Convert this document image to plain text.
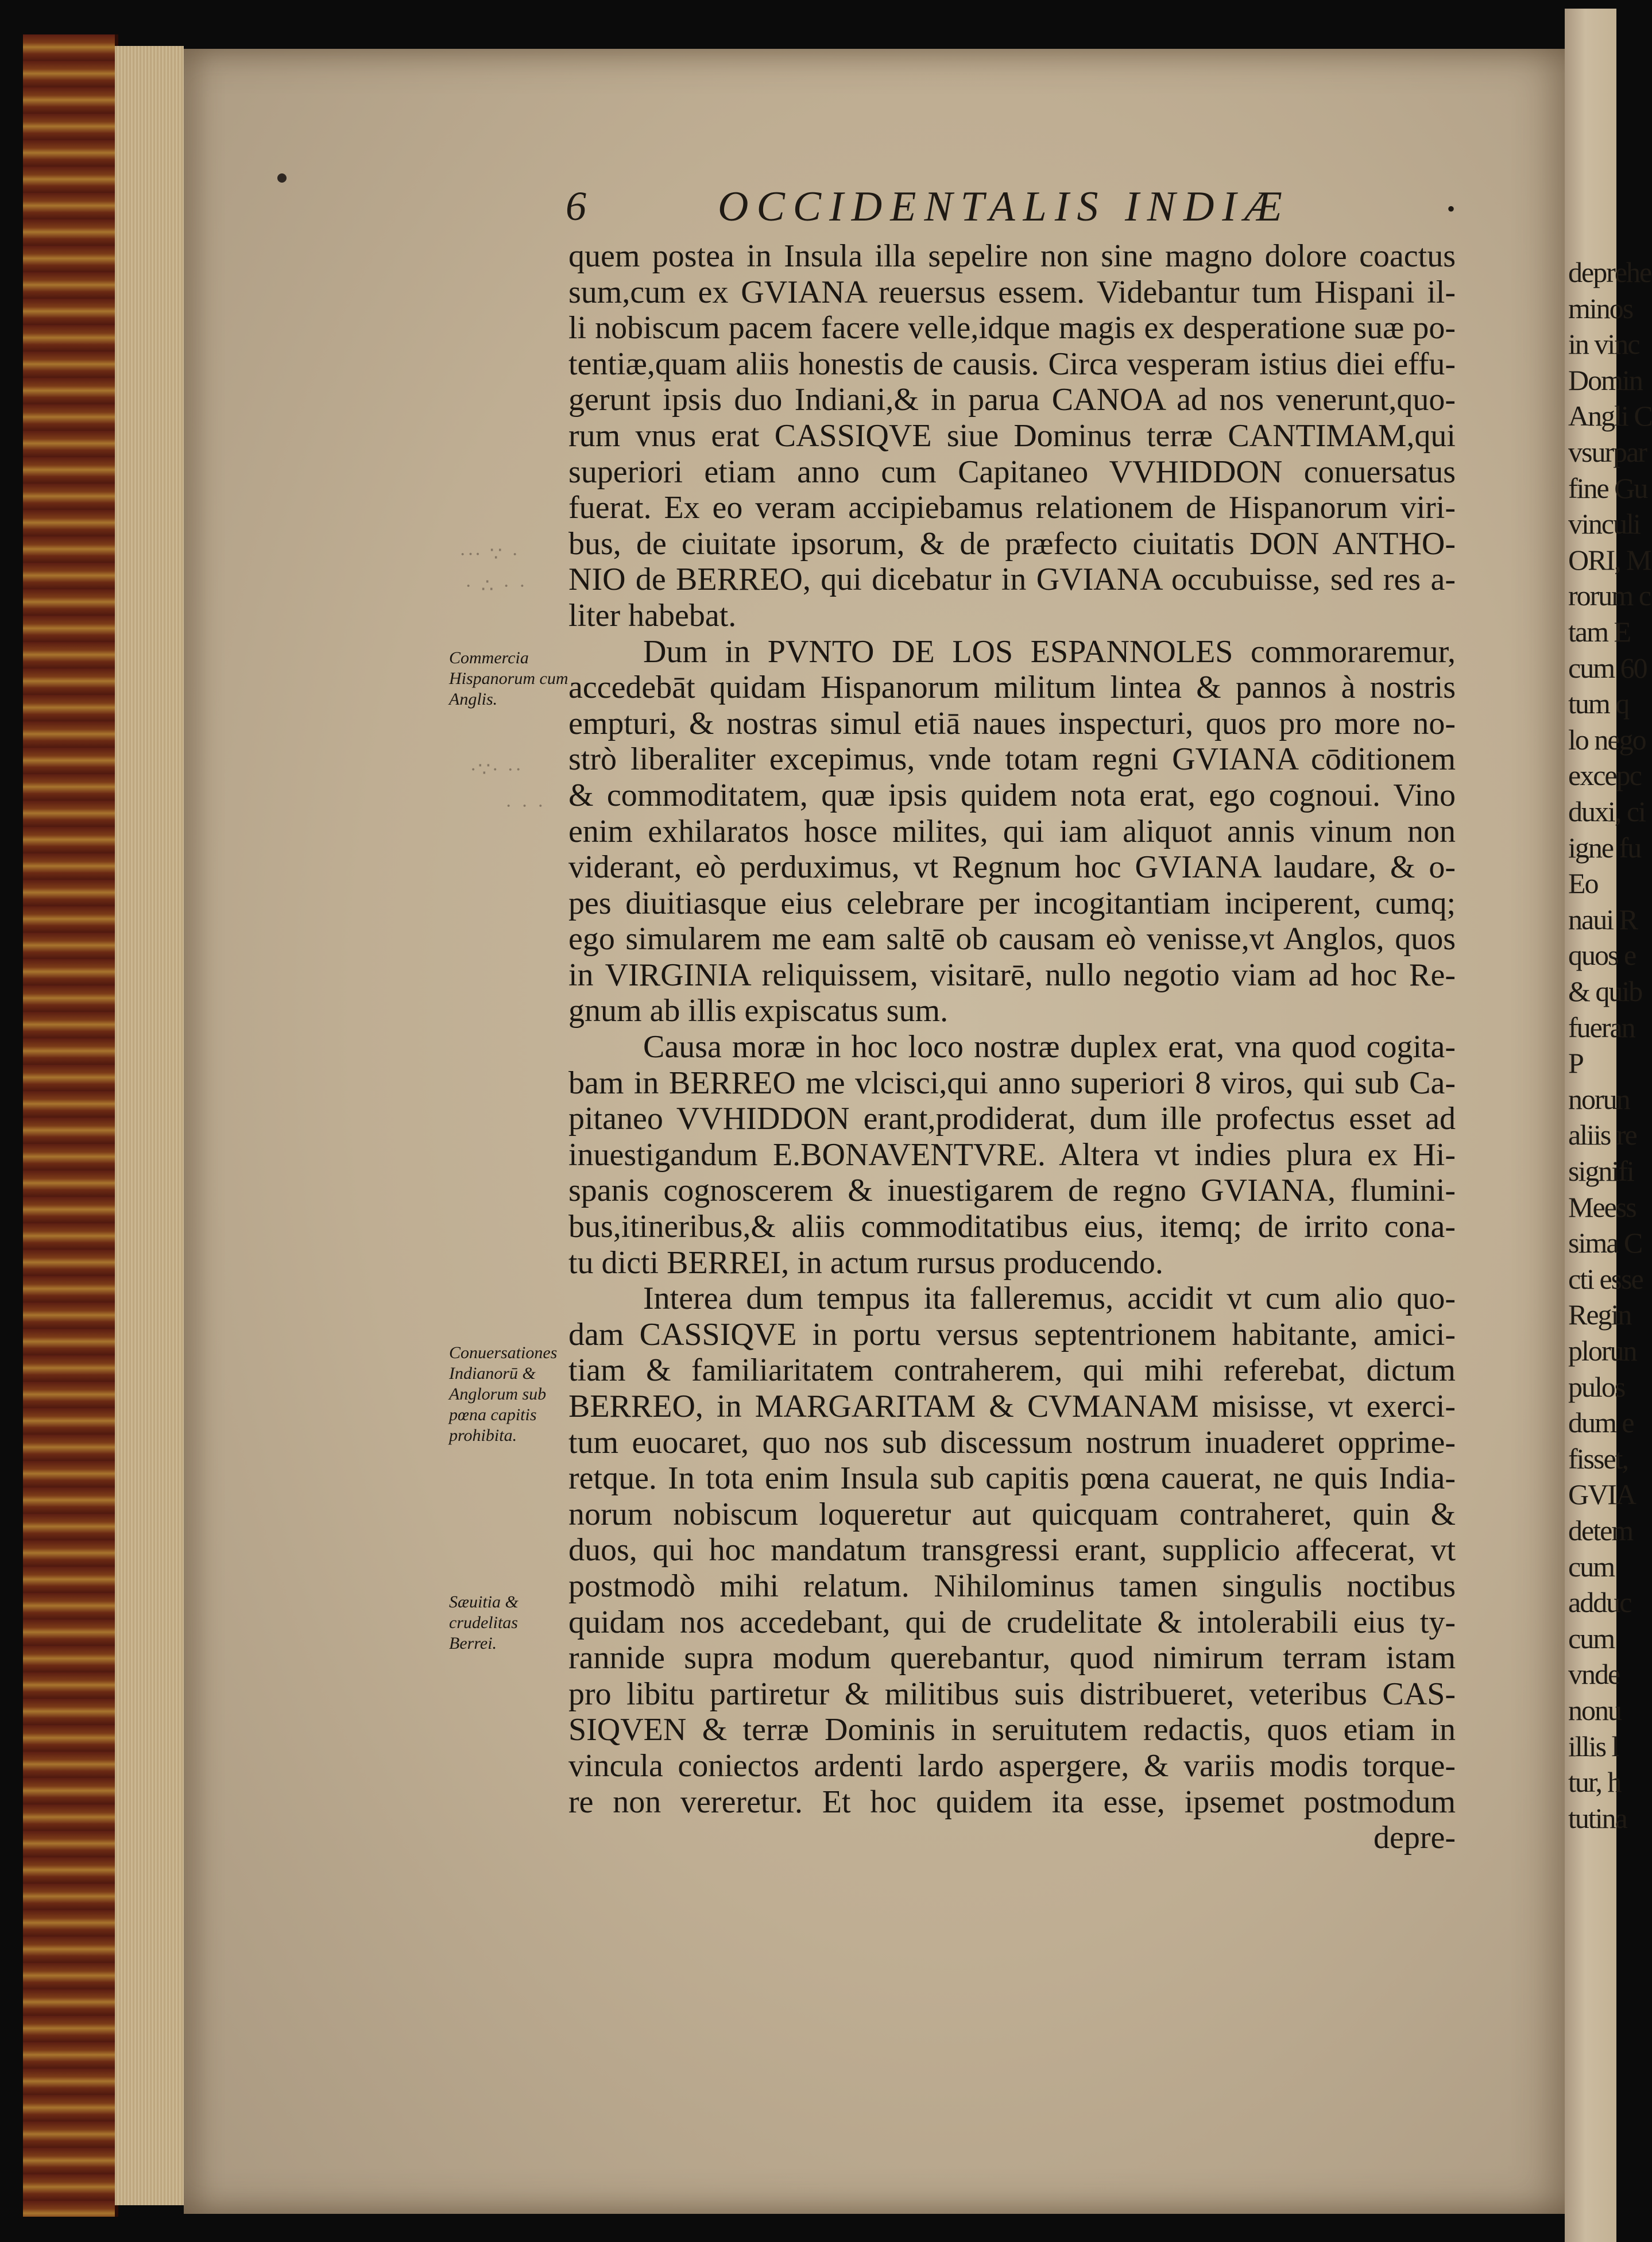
deprehe
minos
in vinc
Domin
Angli C
vsurpar
fine Gu
vinculi
ORI, M
rorum c
tam E
cum 60
tum q
lo nego
excepc
duxi, ci
igne fu
Eo
naui R
quos e
& quib
fueran
P
norun
aliis re
signifi
Meess
sima C
cti esse
Regin
plorun
pulos
dum e
fisset,
GVIA
detem
cum
adduc
cum
vnde
nonu
illis l
tur, h
tutina
6	OCCIDENTALIS INDIÆ	•
·∙∙ ∵ ·
· ∴ · ·
∙∵∙ ·∙
· · ·
Commercia Hispanorum cum Anglis.
Conuersationes Indianorū & Anglorum sub pœna capitis prohibita.
Sæuitia & crudelitas Berrei.
quem postea in Insula illa sepelire non sine magno dolore coactus
sum,cum ex GVIANA reuersus essem. Videbantur tum Hispani il-
li nobiscum pacem facere velle,idque magis ex desperatione suæ po-
tentiæ,quam aliis honestis de causis. Circa vesperam istius diei effu-
gerunt ipsis duo Indiani,& in parua CANOA ad nos venerunt,quo-
rum vnus erat CASSIQVE siue Dominus terræ CANTIMAM,qui
superiori etiam anno cum Capitaneo VVHIDDON conuersatus
fuerat. Ex eo veram accipiebamus relationem de Hispanorum viri-
bus, de ciuitate ipsorum, & de præfecto ciuitatis DON ANTHO-
NIO de BERREO, qui dicebatur in GVIANA occubuisse, sed res a-
liter habebat.
Dum in PVNTO DE LOS ESPANNOLES commoraremur,
accedebāt quidam Hispanorum militum lintea & pannos à nostris
empturi, & nostras simul etiā naues inspecturi, quos pro more no-
strò liberaliter excepimus, vnde totam regni GVIANA cōditionem
& commoditatem, quæ ipsis quidem nota erat, ego cognoui. Vino
enim exhilaratos hosce milites, qui iam aliquot annis vinum non
viderant, eò perduximus, vt Regnum hoc GVIANA laudare, & o-
pes diuitiasque eius celebrare per incogitantiam inciperent, cumq;
ego simularem me eam saltē ob causam eò venisse,vt Anglos, quos
in VIRGINIA reliquissem, visitarē, nullo negotio viam ad hoc Re-
gnum ab illis expiscatus sum.
Causa moræ in hoc loco nostræ duplex erat, vna quod cogita-
bam in BERREO me vlcisci,qui anno superiori 8 viros, qui sub Ca-
pitaneo VVHIDDON erant,prodiderat, dum ille profectus esset ad
inuestigandum E.BONAVENTVRE. Altera vt indies plura ex Hi-
spanis cognoscerem & inuestigarem de regno GVIANA, flumini-
bus,itineribus,& aliis commoditatibus eius, itemq; de irrito cona-
tu dicti BERREI, in actum rursus producendo.
Interea dum tempus ita falleremus, accidit vt cum alio quo-
dam CASSIQVE in portu versus septentrionem habitante, amici-
tiam & familiaritatem contraherem, qui mihi referebat, dictum
BERREO, in MARGARITAM & CVMANAM misisse, vt exerci-
tum euocaret, quo nos sub discessum nostrum inuaderet opprime-
retque. In tota enim Insula sub capitis pœna cauerat, ne quis India-
norum nobiscum loqueretur aut quicquam contraheret, quin &
duos, qui hoc mandatum transgressi erant, supplicio affecerat, vt
postmodò mihi relatum. Nihilominus tamen singulis noctibus
quidam nos accedebant, qui de crudelitate & intolerabili eius ty-
rannide supra modum querebantur, quod nimirum terram istam
pro libitu partiretur & militibus suis distribueret, veteribus CAS-
SIQVEN & terræ Dominis in seruitutem redactis, quos etiam in
vincula coniectos ardenti lardo aspergere, & variis modis torque-
re non vereretur. Et hoc quidem ita esse, ipsemet postmodum
depre-
